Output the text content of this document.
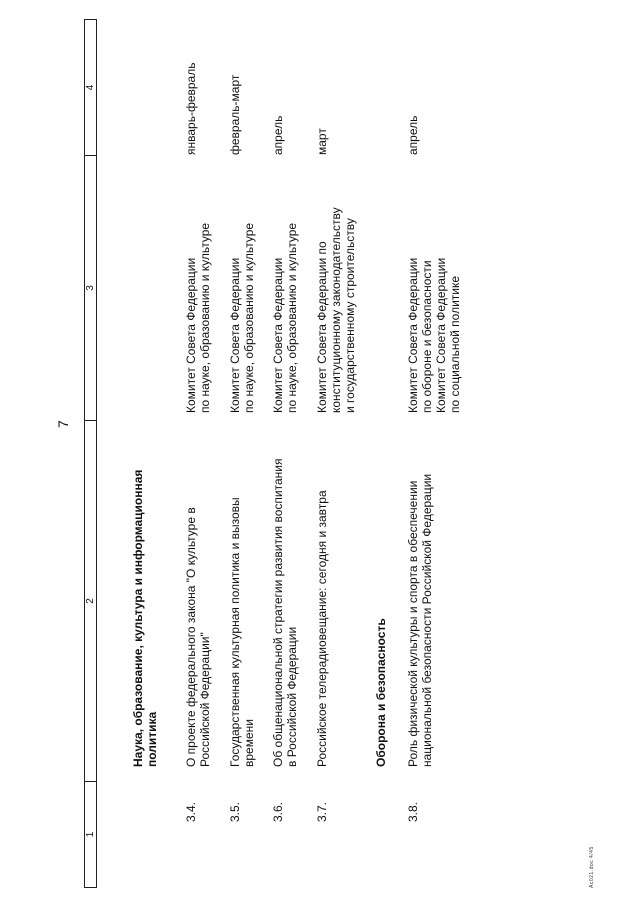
7
1
2
3
4
Наука, образование, культура и информационная
политика
3.4.
О проекте федерального закона "О культуре в
Российской Федерации"
Комитет Совета Федерации
по науке, образованию и культуре
январь-февраль
3.5.
Государственная культурная политика и вызовы
времени
Комитет Совета Федерации
по науке, образованию и культуре
февраль-март
3.6.
Об общенациональной стратегии развития воспитания
в Российской Федерации
Комитет Совета Федерации
по науке, образованию и культуре
апрель
3.7.
Российское телерадиовещание: сегодня и завтра
Комитет Совета Федерации по
конституционному законодательству
и государственному строительству
март
Оборона и безопасность
3.8.
Роль физической культуры и спорта в обеспечении
национальной безопасности Российской Федерации
Комитет Совета Федерации
по обороне и безопасности
Комитет Совета Федерации
по социальной политике
апрель
Ac021.doc 4/45
